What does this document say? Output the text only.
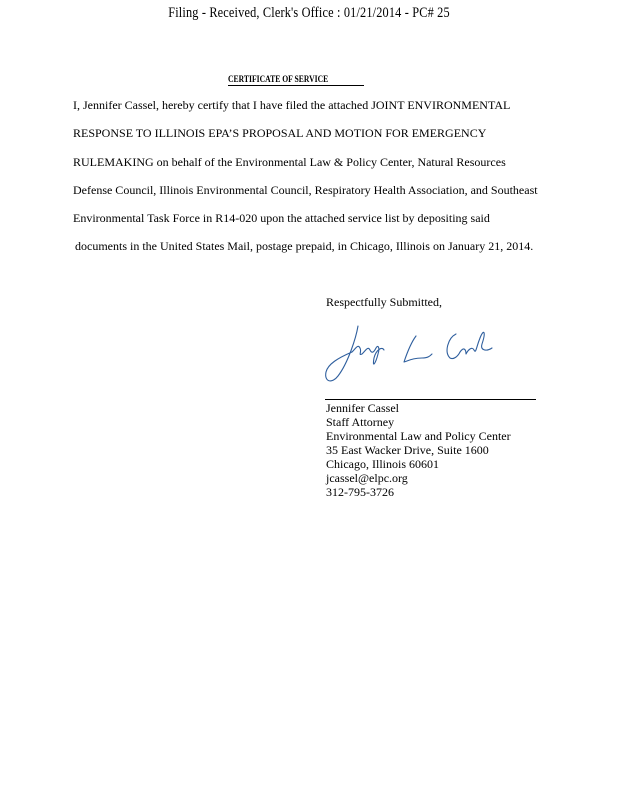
Filing - Received, Clerk's Office : 01/21/2014 - PC# 25
CERTIFICATE OF SERVICE
I, Jennifer Cassel, hereby certify that I have filed the attached JOINT ENVIRONMENTAL
RESPONSE TO ILLINOIS EPA’S PROPOSAL AND MOTION FOR EMERGENCY
RULEMAKING on behalf of the Environmental Law & Policy Center, Natural Resources
Defense Council, Illinois Environmental Council, Respiratory Health Association, and Southeast
Environmental Task Force in R14-020 upon the attached service list by depositing said
documents in the United States Mail, postage prepaid, in Chicago, Illinois on January 21, 2014.
Respectfully Submitted,
Jennifer Cassel
Staff Attorney
Environmental Law and Policy Center
35 East Wacker Drive, Suite 1600
Chicago, Illinois 60601
jcassel@elpc.org
312-795-3726
